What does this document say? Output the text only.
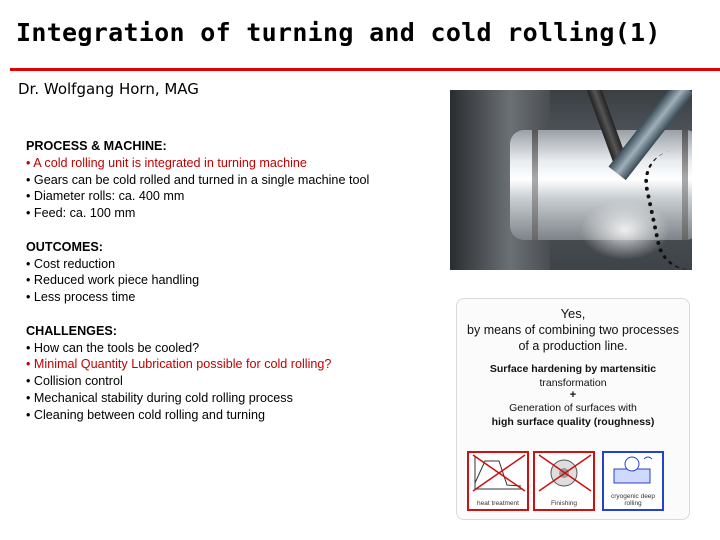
Integration of turning and cold rolling(1)
Dr. Wolfgang Horn, MAG
PROCESS & MACHINE:
• A cold rolling unit is integrated in turning machine
• Gears can be cold rolled and turned in a single machine tool
• Diameter rolls: ca. 400 mm
• Feed: ca. 100 mm
OUTCOMES:
• Cost reduction
• Reduced work piece handling
• Less process time
CHALLENGES:
• How can the tools be cooled?
• Minimal Quantity Lubrication possible for cold rolling?
• Collision control
• Mechanical stability during cold rolling process
• Cleaning between cold rolling and turning
Yes,
by means of combining two processes
of a production line.
Surface hardening by martensitic
transformation
+
Generation of surfaces with
high surface quality (roughness)
heat treatment	Finishing
cryogenic deep rolling
